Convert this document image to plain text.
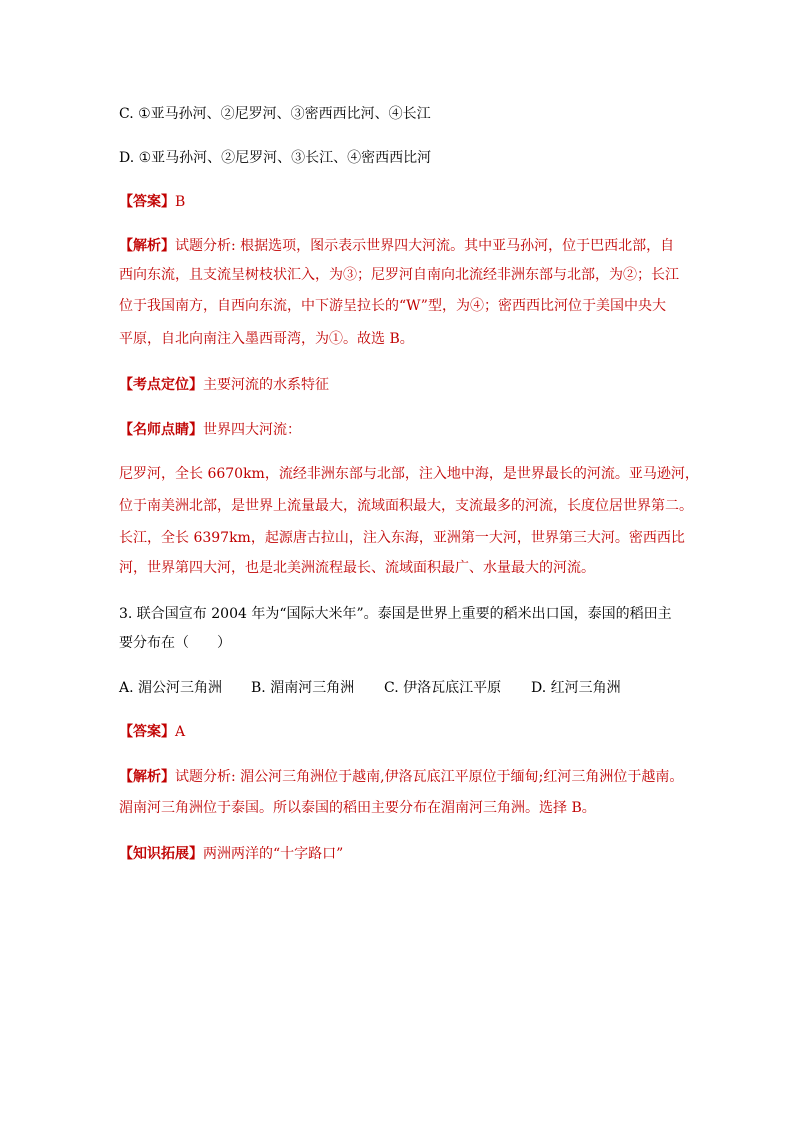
C. ①亚马孙河、②尼罗河、③密西西比河、④长江
D. ①亚马孙河、②尼罗河、③长江、④密西西比河
【答案】B
【解析】试题分析: 根据选项，图示表示世界四大河流。其中亚马孙河，位于巴西北部，自
西向东流，且支流呈树枝状汇入，为③；尼罗河自南向北流经非洲东部与北部，为②；长江
位于我国南方，自西向东流，中下游呈拉长的“W”型，为④；密西西比河位于美国中央大
平原，自北向南注入墨西哥湾，为①。故选 B。
【考点定位】主要河流的水系特征
【名师点睛】世界四大河流：
尼罗河，全长 6670km，流经非洲东部与北部，注入地中海，是世界最长的河流。亚马逊河，
位于南美洲北部，是世界上流量最大，流域面积最大，支流最多的河流，长度位居世界第二。
长江，全长 6397km，起源唐古拉山，注入东海，亚洲第一大河，世界第三大河。密西西比
河，世界第四大河，也是北美洲流程最长、流域面积最广、水量最大的河流。
3. 联合国宣布 2004 年为“国际大米年”。泰国是世界上重要的稻米出口国，泰国的稻田主
要分布在（　　）
A. 湄公河三角洲 B. 湄南河三角洲 C. 伊洛瓦底江平原 D. 红河三角洲
【答案】A
【解析】试题分析: 湄公河三角洲位于越南,伊洛瓦底江平原位于缅甸;红河三角洲位于越南。
湄南河三角洲位于泰国。所以泰国的稻田主要分布在湄南河三角洲。选择 B。
【知识拓展】两洲两洋的“十字路口”
